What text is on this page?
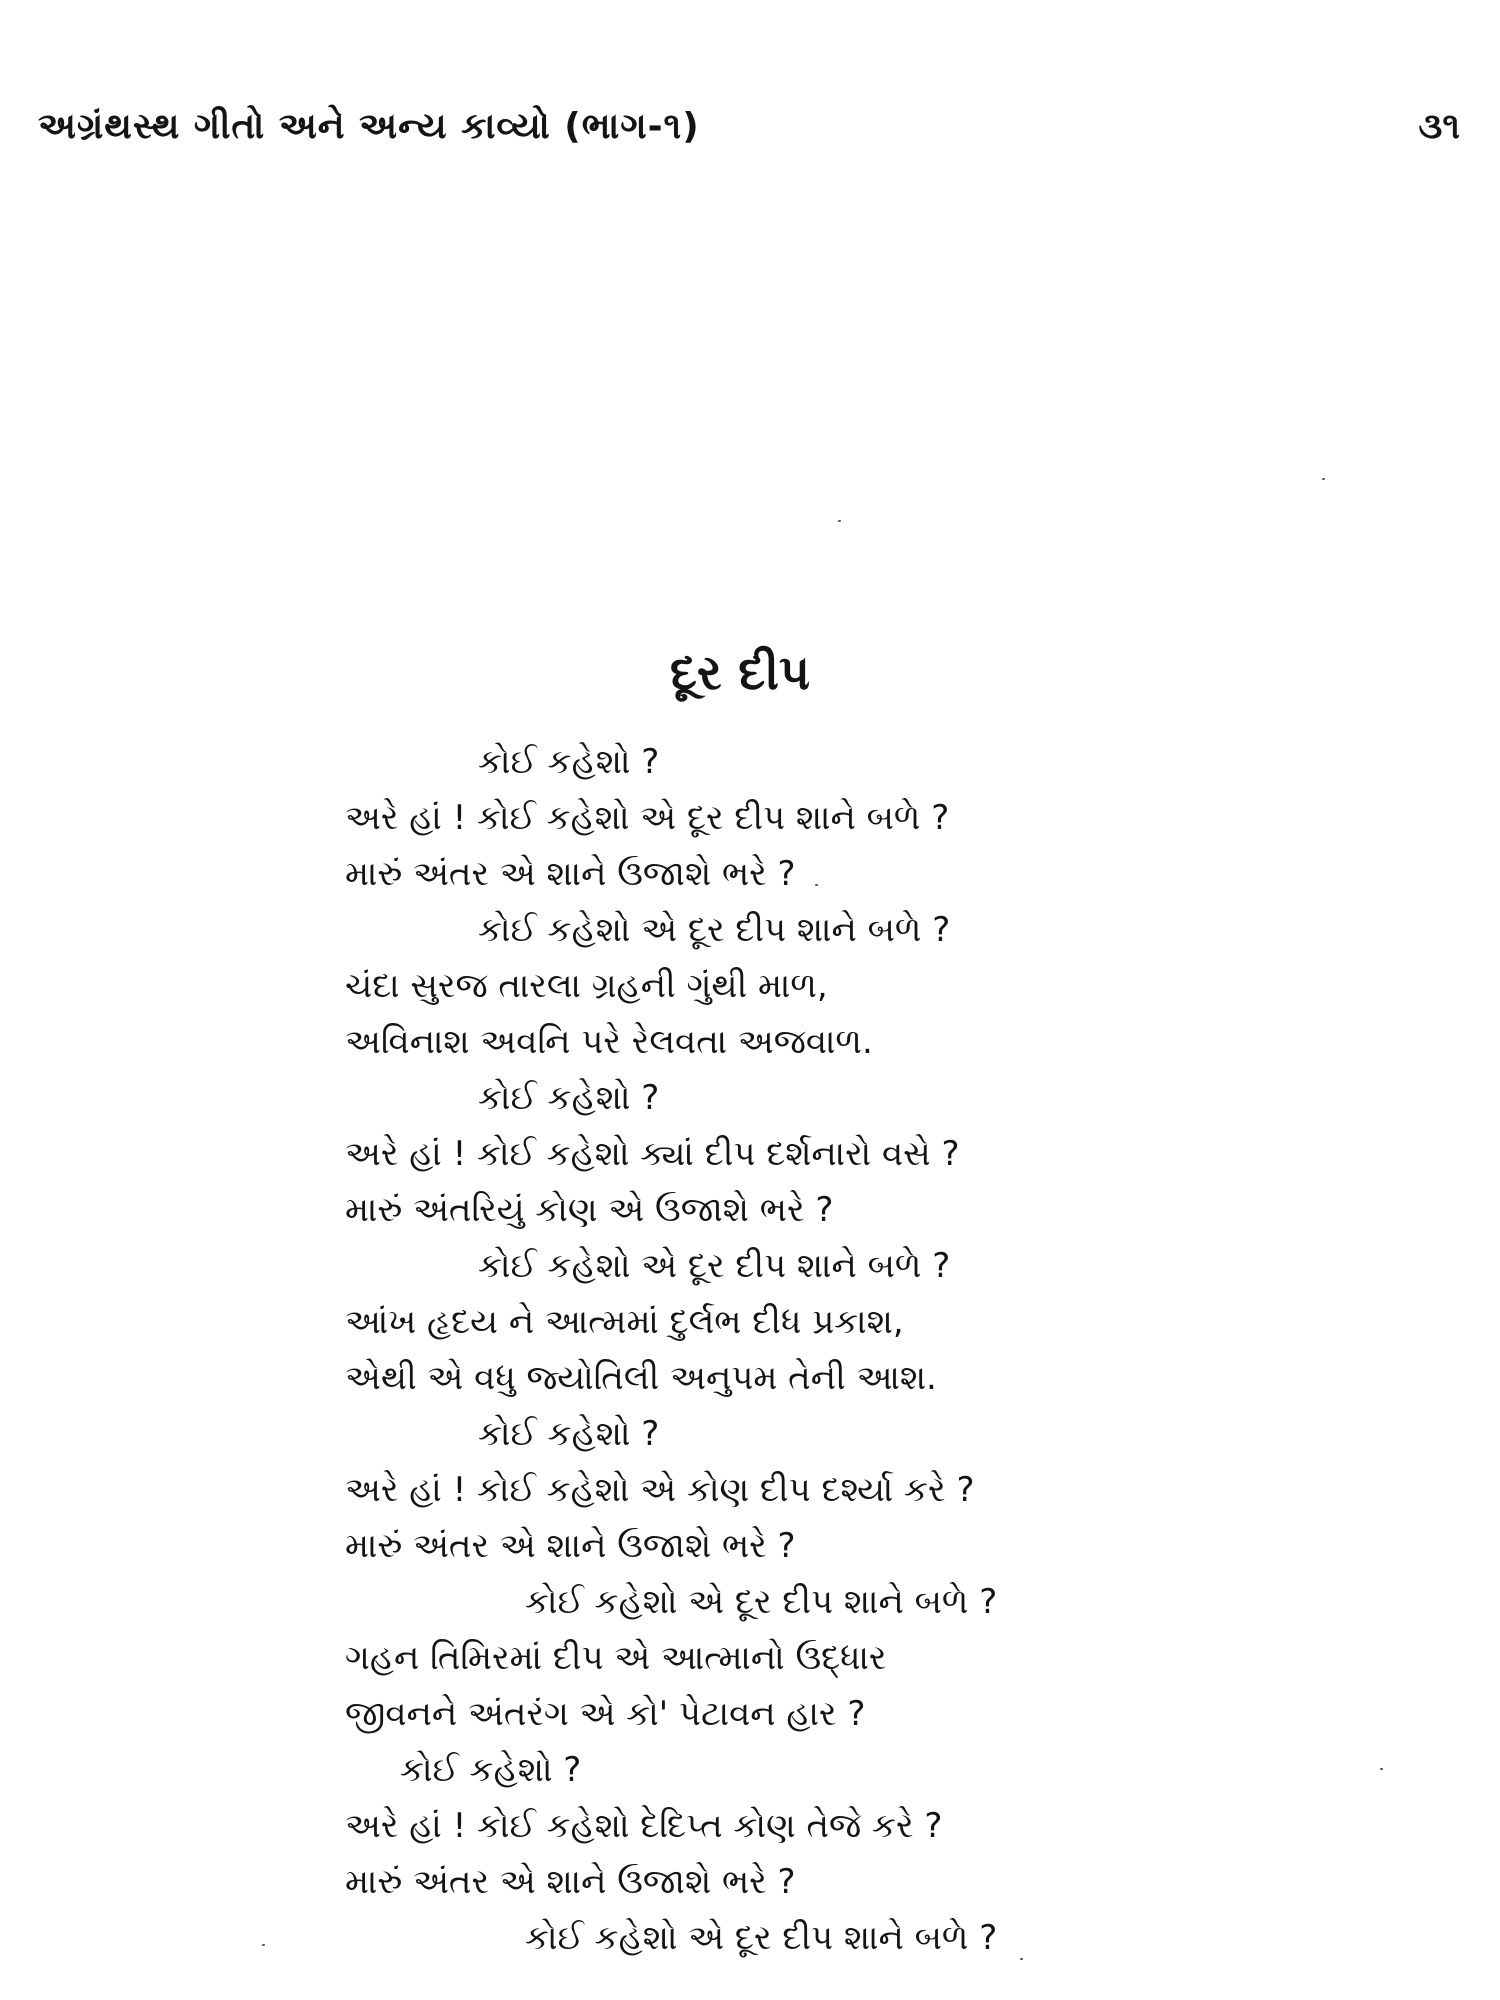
અગ્રંથસ્થ ગીતો અને અન્ય કાવ્યો (ભાગ-૧)	૩૧
દૂર દીપ
કોઈ કહેશો ?
અરે હાં ! કોઈ કહેશો એ દૂર દીપ શાને બળે ?
મારું અંતર એ શાને ઉજાશે ભરે ?
કોઈ કહેશો એ દૂર દીપ શાને બળે ?
ચંદા સુરજ તારલા ગ્રહની ગુંથી માળ,
અવિનાશ અવનિ પરે રેલવતા અજવાળ.
કોઈ કહેશો ?
અરે હાં ! કોઈ કહેશો ક્યાં દીપ દર્શનારો વસે ?
મારું અંતરિયું કોણ એ ઉજાશે ભરે ?
કોઈ કહેશો એ દૂર દીપ શાને બળે ?
આંખ હૃદય ને આત્મમાં દુર્લભ દીધ પ્રકાશ,
એથી એ વધુ જ્યોતિલી અનુપમ તેની આશ.
કોઈ કહેશો ?
અરે હાં ! કોઈ કહેશો એ કોણ દીપ દર્શ્યા કરે ?
મારું અંતર એ શાને ઉજાશે ભરે ?
કોઈ કહેશો એ દૂર દીપ શાને બળે ?
ગહન તિમિરમાં દીપ એ આત્માનો ઉદ્ધાર
જીવનને અંતરંગ એ કો' પેટાવન હાર ?
કોઈ કહેશો ?
અરે હાં ! કોઈ કહેશો દેદિપ્ત કોણ તેજે કરે ?
મારું અંતર એ શાને ઉજાશે ભરે ?
કોઈ કહેશો એ દૂર દીપ શાને બળે ?
